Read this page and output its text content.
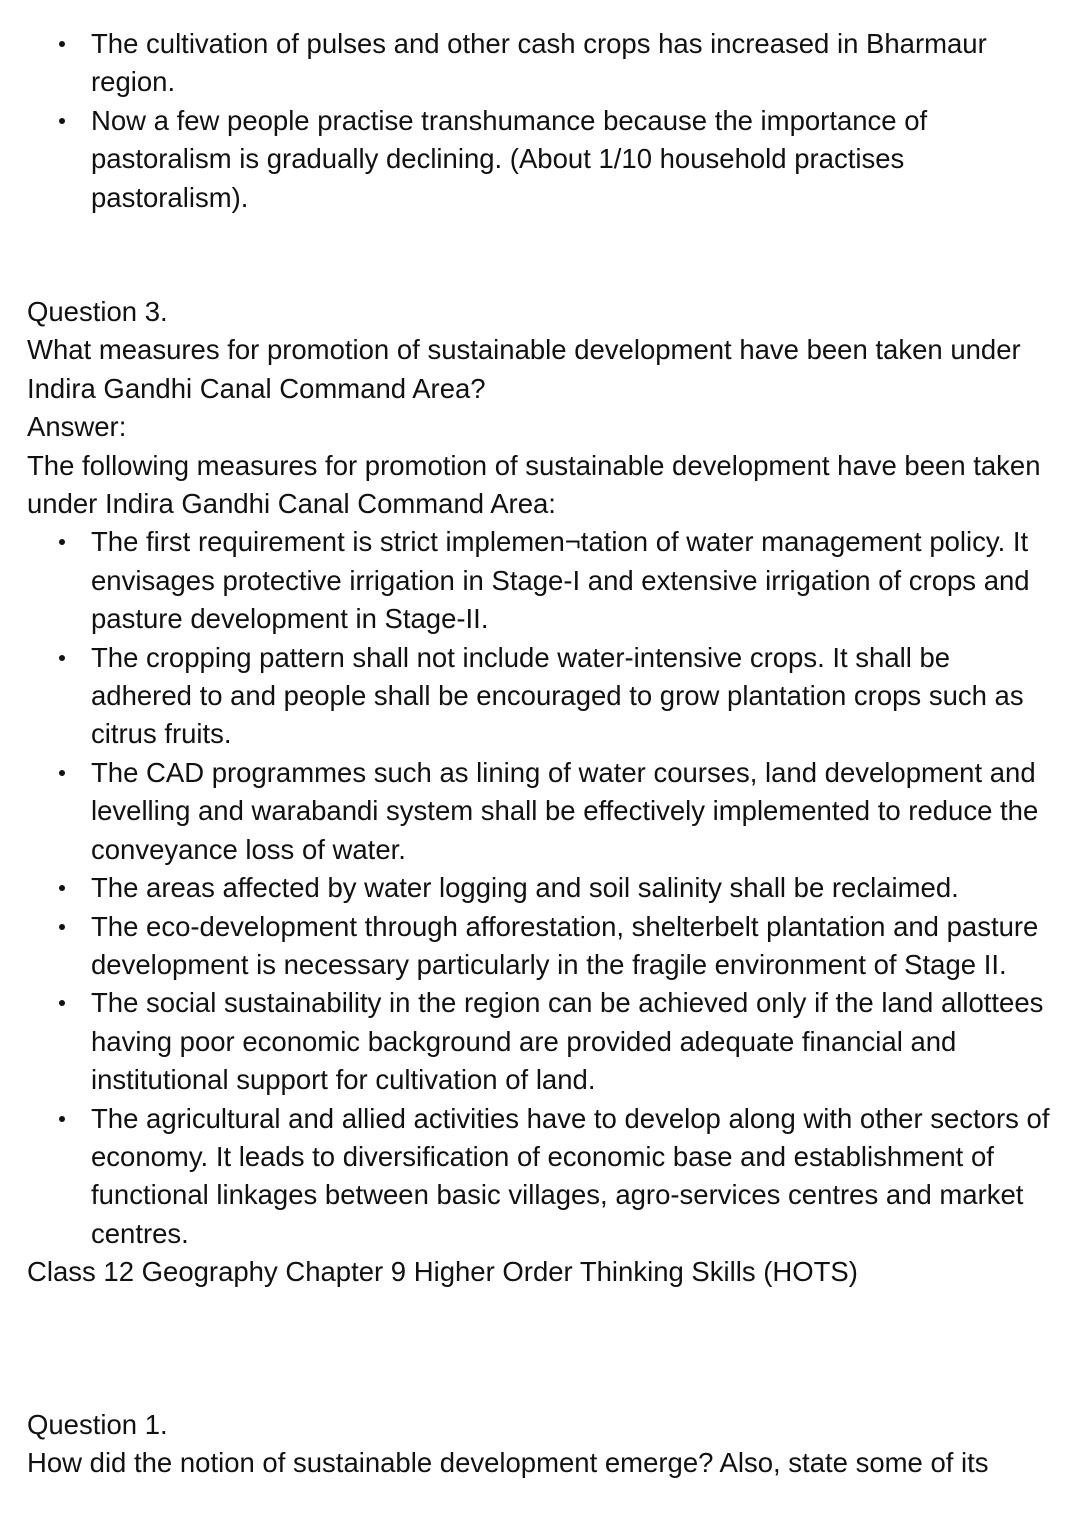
The cultivation of pulses and other cash crops has increased in Bharmaur region.
Now a few people practise transhumance because the importance of pastoralism is gradually declining. (About 1/10 household practises pastoralism).

Question 3.

What measures for promotion of sustainable development have been taken under Indira Gandhi Canal Command Area?

Answer:

The following measures for promotion of sustainable development have been taken under Indira Gandhi Canal Command Area:

The first requirement is strict implemen¬tation of water management policy. It envisages protective irrigation in Stage-I and extensive irrigation of crops and pasture development in Stage-II.
The cropping pattern shall not include water-intensive crops. It shall be adhered to and people shall be encouraged to grow plantation crops such as citrus fruits.
The CAD programmes such as lining of water courses, land development and levelling and warabandi system shall be effectively implemented to reduce the conveyance loss of water.
The areas affected by water logging and soil salinity shall be reclaimed.
The eco-development through afforestation, shelterbelt plantation and pasture development is necessary particularly in the fragile environment of Stage II.
The social sustainability in the region can be achieved only if the land allottees having poor economic background are provided adequate financial and institutional support for cultivation of land.
The agricultural and allied activities have to develop along with other sectors of economy. It leads to diversification of economic base and establishment of functional linkages between basic villages, agro-services centres and market centres.

Class 12 Geography Chapter 9 Higher Order Thinking Skills (HOTS)

Question 1.

How did the notion of sustainable development emerge? Also, state some of its
